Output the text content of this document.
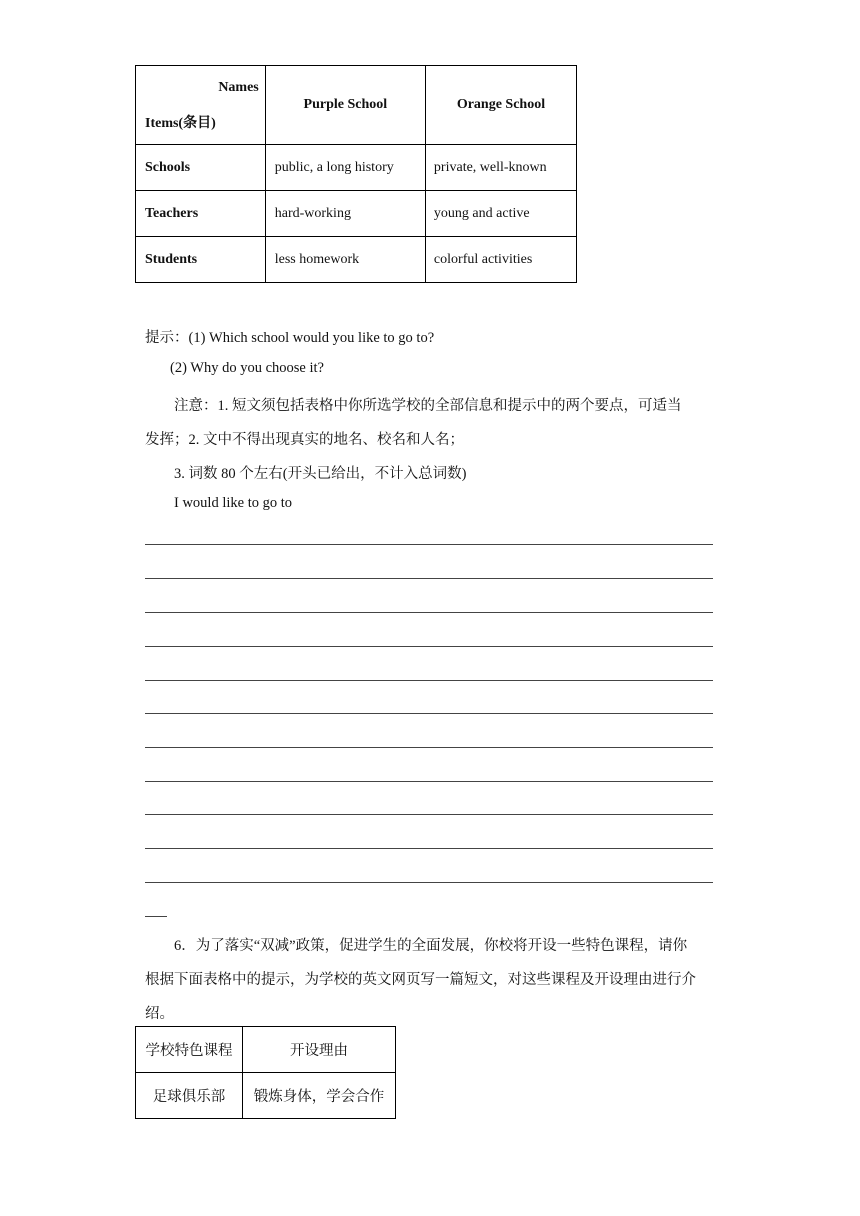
Names
Items(条目)	Purple School	Orange School
Schools	public, a long history	private, well-known
Teachers	hard-working	young and active
Students	less homework	colorful activities
提示：(1) Which school would you like to go to?
(2) Why do you choose it?
注意：1. 短文须包括表格中你所选学校的全部信息和提示中的两个要点，可适当
发挥；2. 文中不得出现真实的地名、校名和人名；
3. 词数 80 个左右(开头已给出，不计入总词数)
I would like to go to
6．为了落实“双减”政策，促进学生的全面发展，你校将开设一些特色课程，请你
根据下面表格中的提示，为学校的英文网页写一篇短文，对这些课程及开设理由进行介
绍。
学校特色课程	开设理由
足球俱乐部	锻炼身体，学会合作
